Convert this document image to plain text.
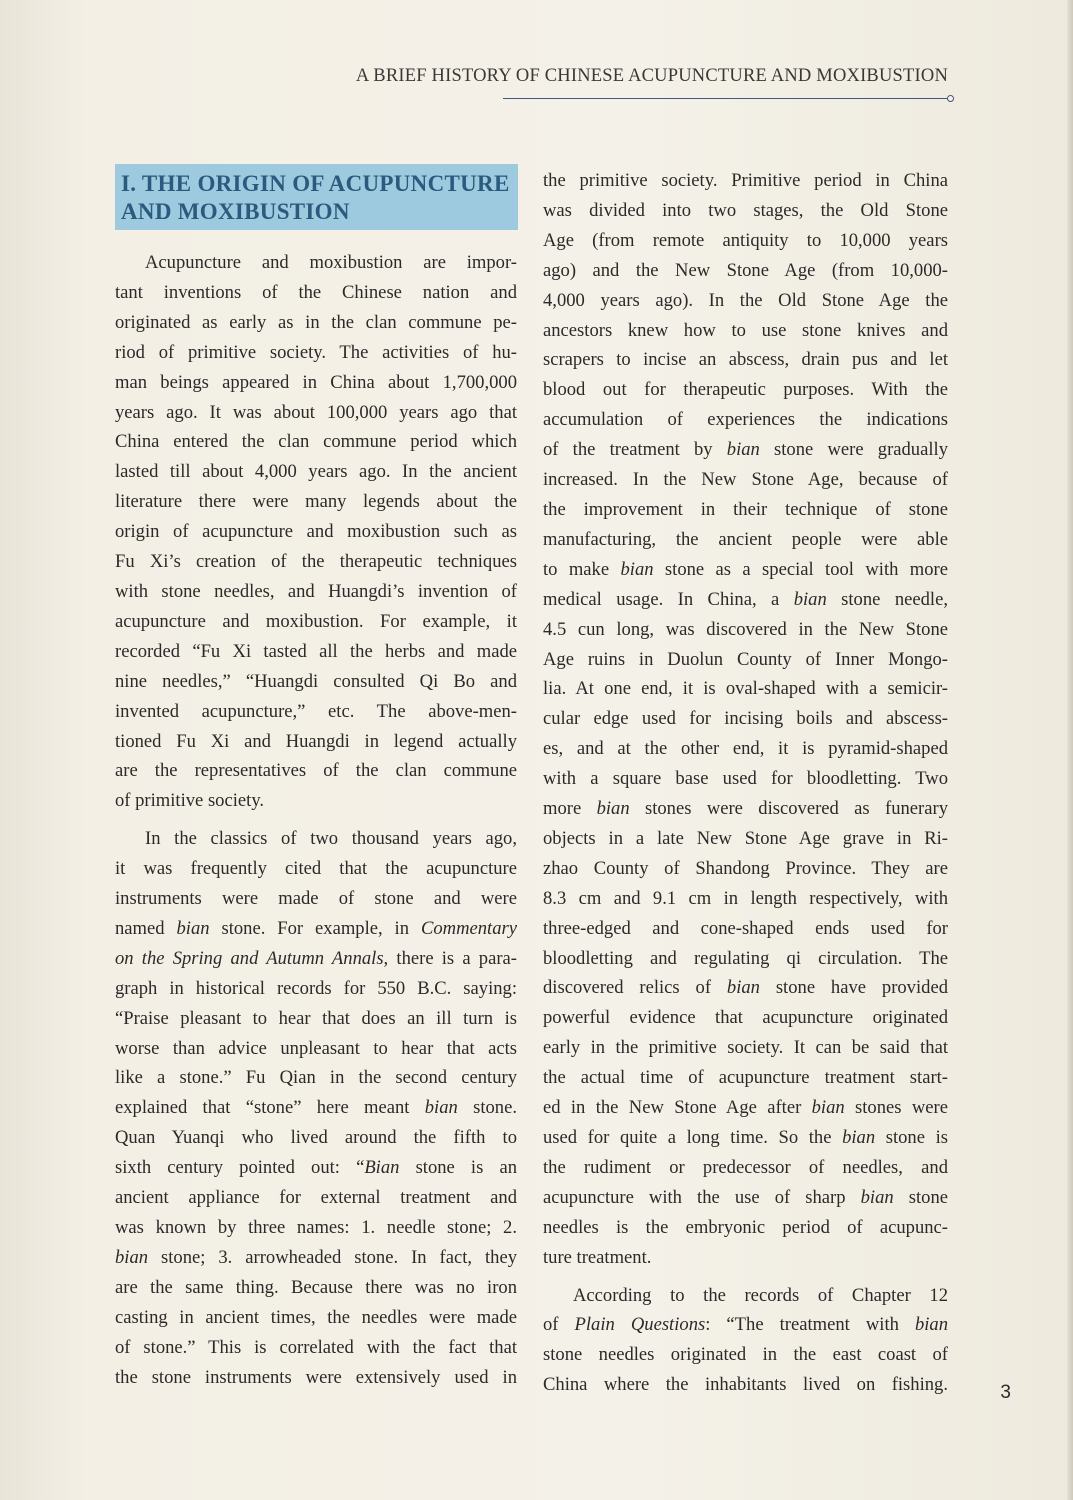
A BRIEF HISTORY OF CHINESE ACUPUNCTURE AND MOXIBUSTION
I. THE ORIGIN OF ACUPUNCTURE
AND MOXIBUSTION
Acupuncture and moxibustion are impor-
tant inventions of the Chinese nation and
originated as early as in the clan commune pe-
riod of primitive society. The activities of hu-
man beings appeared in China about 1,700,000
years ago. It was about 100,000 years ago that
China entered the clan commune period which
lasted till about 4,000 years ago. In the ancient
literature there were many legends about the
origin of acupuncture and moxibustion such as
Fu Xi’s creation of the therapeutic techniques
with stone needles, and Huangdi’s invention of
acupuncture and moxibustion. For example, it
recorded “Fu Xi tasted all the herbs and made
nine needles,” “Huangdi consulted Qi Bo and
invented acupuncture,” etc. The above-men-
tioned Fu Xi and Huangdi in legend actually
are the representatives of the clan commune
of primitive society.
In the classics of two thousand years ago,
it was frequently cited that the acupuncture
instruments were made of stone and were
named bian stone. For example, in Commentary
on the Spring and Autumn Annals, there is a para-
graph in historical records for 550 B.C. saying:
“Praise pleasant to hear that does an ill turn is
worse than advice unpleasant to hear that acts
like a stone.” Fu Qian in the second century
explained that “stone” here meant bian stone.
Quan Yuanqi who lived around the fifth to
sixth century pointed out: “Bian stone is an
ancient appliance for external treatment and
was known by three names: 1. needle stone; 2.
bian stone; 3. arrowheaded stone. In fact, they
are the same thing. Because there was no iron
casting in ancient times, the needles were made
of stone.” This is correlated with the fact that
the stone instruments were extensively used in
the primitive society. Primitive period in China
was divided into two stages, the Old Stone
Age (from remote antiquity to 10,000 years
ago) and the New Stone Age (from 10,000-
4,000 years ago). In the Old Stone Age the
ancestors knew how to use stone knives and
scrapers to incise an abscess, drain pus and let
blood out for therapeutic purposes. With the
accumulation of experiences the indications
of the treatment by bian stone were gradually
increased. In the New Stone Age, because of
the improvement in their technique of stone
manufacturing, the ancient people were able
to make bian stone as a special tool with more
medical usage. In China, a bian stone needle,
4.5 cun long, was discovered in the New Stone
Age ruins in Duolun County of Inner Mongo-
lia. At one end, it is oval-shaped with a semicir-
cular edge used for incising boils and abscess-
es, and at the other end, it is pyramid-shaped
with a square base used for bloodletting. Two
more bian stones were discovered as funerary
objects in a late New Stone Age grave in Ri-
zhao County of Shandong Province. They are
8.3 cm and 9.1 cm in length respectively, with
three-edged and cone-shaped ends used for
bloodletting and regulating qi circulation. The
discovered relics of bian stone have provided
powerful evidence that acupuncture originated
early in the primitive society. It can be said that
the actual time of acupuncture treatment start-
ed in the New Stone Age after bian stones were
used for quite a long time. So the bian stone is
the rudiment or predecessor of needles, and
acupuncture with the use of sharp bian stone
needles is the embryonic period of acupunc-
ture treatment.
According to the records of Chapter 12
of Plain Questions: “The treatment with bian
stone needles originated in the east coast of
China where the inhabitants lived on fishing.	3
